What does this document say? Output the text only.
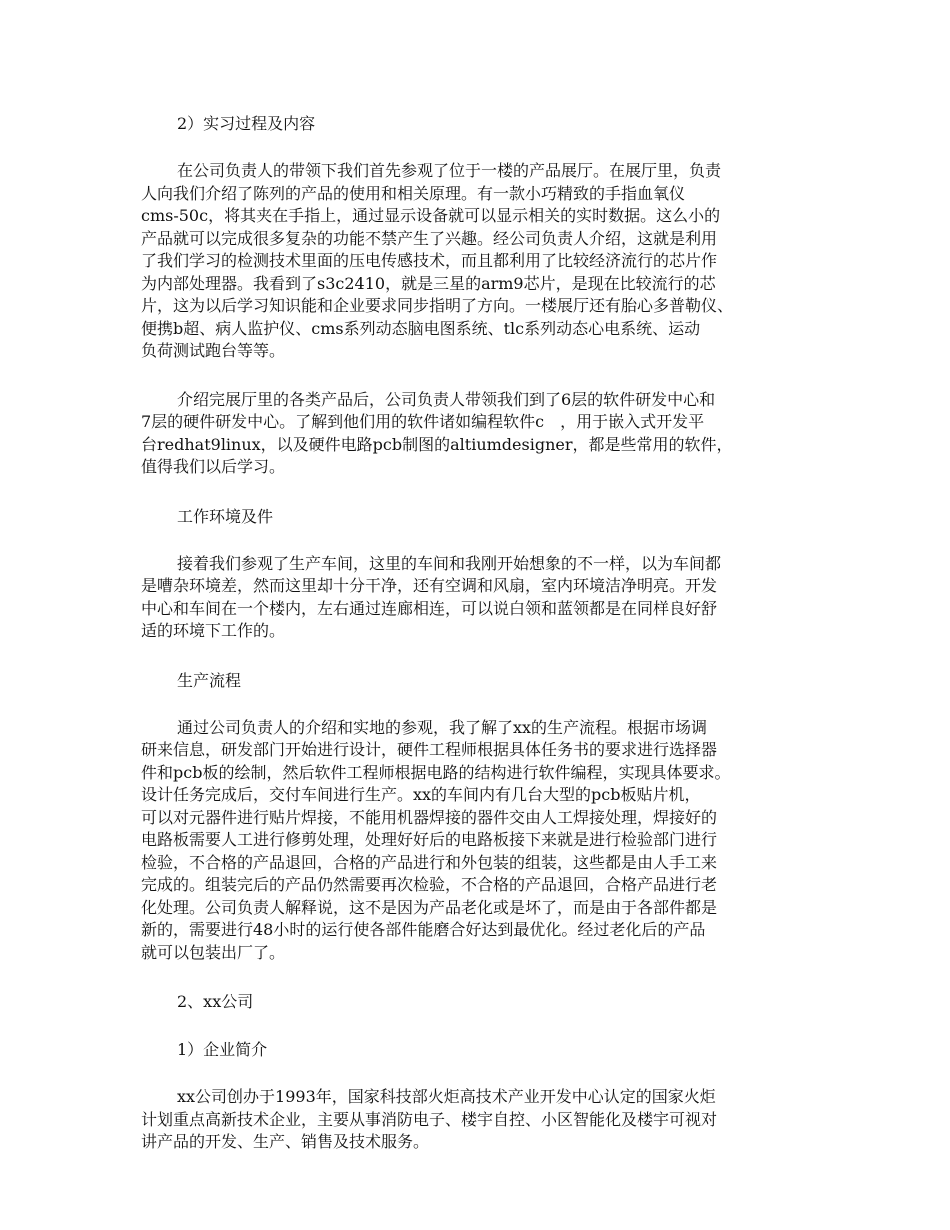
2）实习过程及内容
在公司负责人的带领下我们首先参观了位于一楼的产品展厅。在展厅里，负责
人向我们介绍了陈列的产品的使用和相关原理。有一款小巧精致的手指血氧仪
cms-50c，将其夹在手指上，通过显示设备就可以显示相关的实时数据。这么小的
产品就可以完成很多复杂的功能不禁产生了兴趣。经公司负责人介绍，这就是利用
了我们学习的检测技术里面的压电传感技术，而且都利用了比较经济流行的芯片作
为内部处理器。我看到了s3c2410，就是三星的arm9芯片，是现在比较流行的芯
片，这为以后学习知识能和企业要求同步指明了方向。一楼展厅还有胎心多普勒仪、
便携b超、病人监护仪、cms系列动态脑电图系统、tlc系列动态心电系统、运动
负荷测试跑台等等。
介绍完展厅里的各类产品后，公司负责人带领我们到了6层的软件研发中心和
7层的硬件研发中心。了解到他们用的软件诸如编程软件c　，用于嵌入式开发平
台redhat9linux，以及硬件电路pcb制图的altiumdesigner，都是些常用的软件，
值得我们以后学习。
工作环境及件
接着我们参观了生产车间，这里的车间和我刚开始想象的不一样，以为车间都
是嘈杂环境差，然而这里却十分干净，还有空调和风扇，室内环境洁净明亮。开发
中心和车间在一个楼内，左右通过连廊相连，可以说白领和蓝领都是在同样良好舒
适的环境下工作的。
生产流程
通过公司负责人的介绍和实地的参观，我了解了xx的生产流程。根据市场调
研来信息，研发部门开始进行设计，硬件工程师根据具体任务书的要求进行选择器
件和pcb板的绘制，然后软件工程师根据电路的结构进行软件编程，实现具体要求。
设计任务完成后，交付车间进行生产。xx的车间内有几台大型的pcb板贴片机，
可以对元器件进行贴片焊接，不能用机器焊接的器件交由人工焊接处理，焊接好的
电路板需要人工进行修剪处理，处理好好后的电路板接下来就是进行检验部门进行
检验，不合格的产品退回，合格的产品进行和外包装的组装，这些都是由人手工来
完成的。组装完后的产品仍然需要再次检验，不合格的产品退回，合格产品进行老
化处理。公司负责人解释说，这不是因为产品老化或是坏了，而是由于各部件都是
新的，需要进行48小时的运行使各部件能磨合好达到最优化。经过老化后的产品
就可以包装出厂了。
2、xx公司
1）企业简介
xx公司创办于1993年，国家科技部火炬高技术产业开发中心认定的国家火炬
计划重点高新技术企业，主要从事消防电子、楼宇自控、小区智能化及楼宇可视对
讲产品的开发、生产、销售及技术服务。
